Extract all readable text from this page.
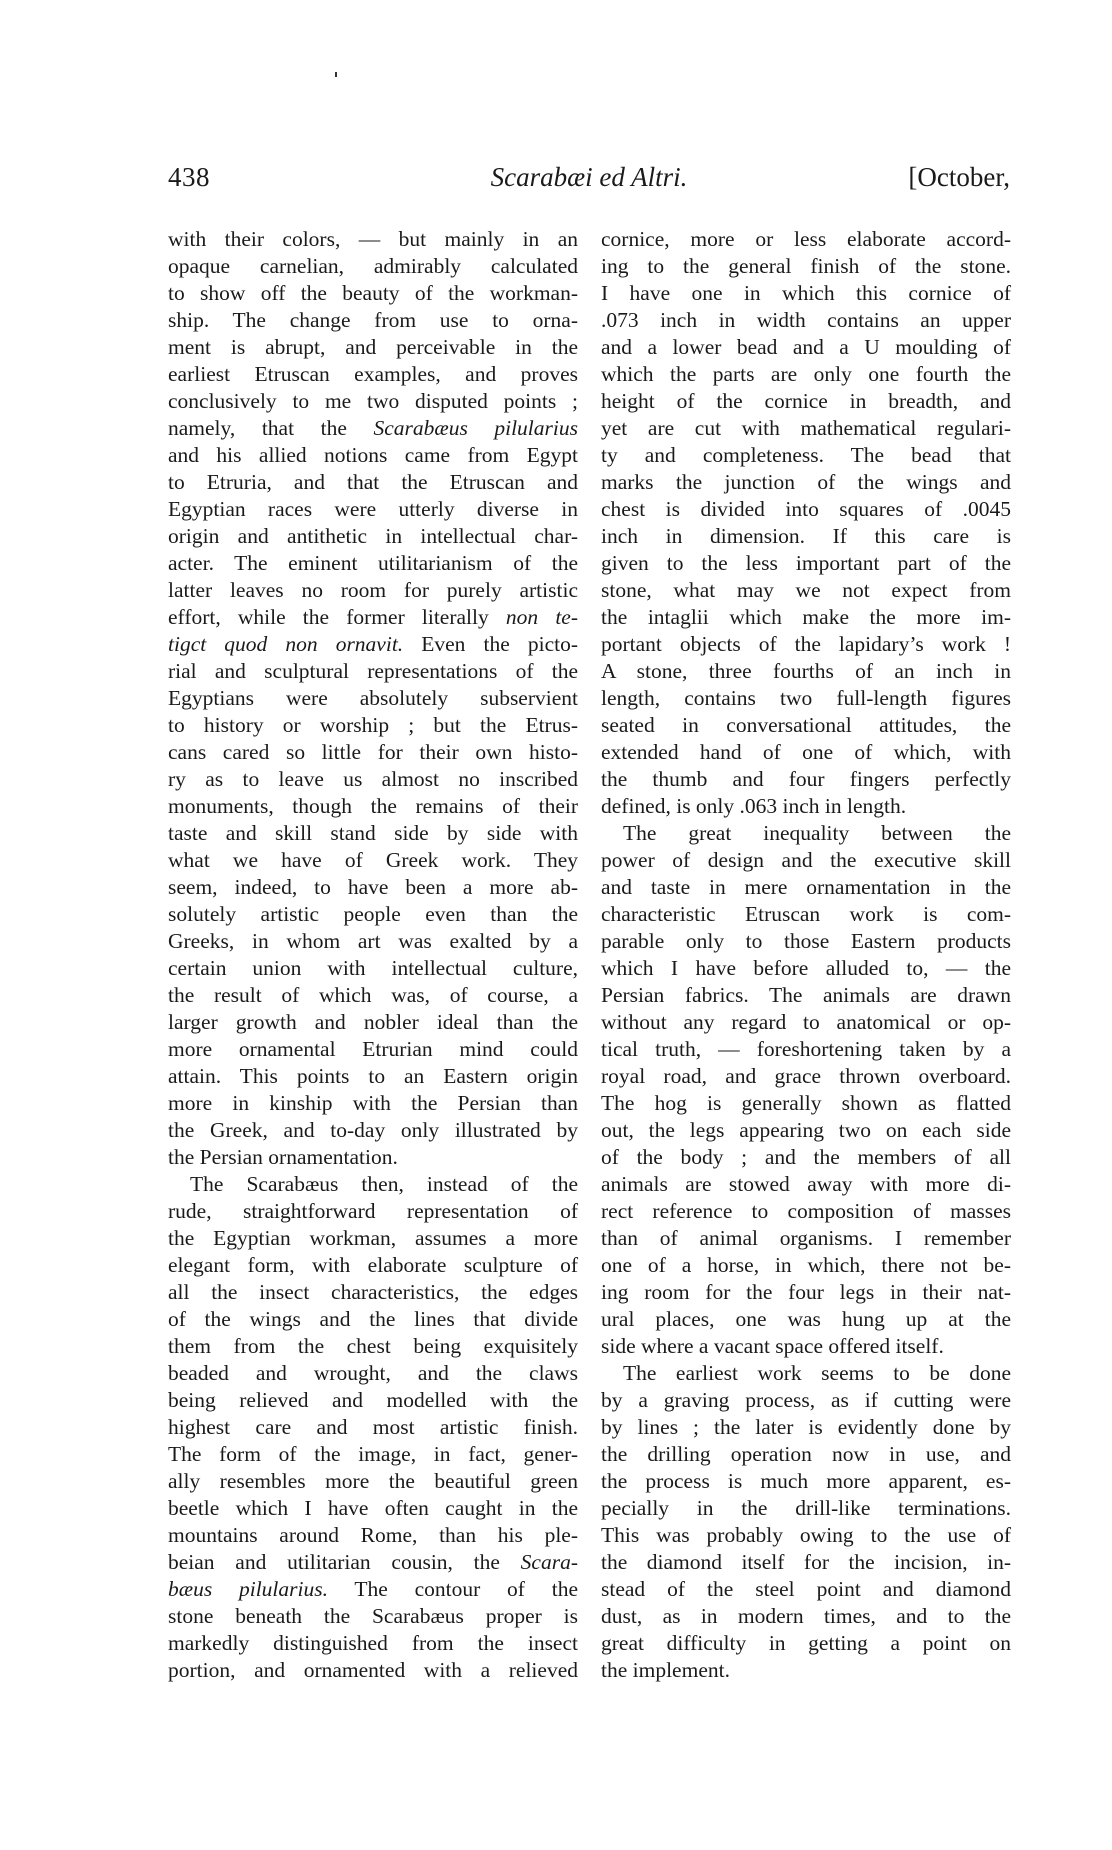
438	Scarabæi ed Altri.	[October,
with their colors, — but mainly in an
opaque carnelian, admirably calculated
to show off the beauty of the workman-
ship. The change from use to orna-
ment is abrupt, and perceivable in the
earliest Etruscan examples, and proves
conclusively to me two disputed points ;
namely, that the Scarabæus pilularius
and his allied notions came from Egypt
to Etruria, and that the Etruscan and
Egyptian races were utterly diverse in
origin and antithetic in intellectual char-
acter. The eminent utilitarianism of the
latter leaves no room for purely artistic
effort, while the former literally non te-
tigct quod non ornavit. Even the picto-
rial and sculptural representations of the
Egyptians were absolutely subservient
to history or worship ; but the Etrus-
cans cared so little for their own histo-
ry as to leave us almost no inscribed
monuments, though the remains of their
taste and skill stand side by side with
what we have of Greek work. They
seem, indeed, to have been a more ab-
solutely artistic people even than the
Greeks, in whom art was exalted by a
certain union with intellectual culture,
the result of which was, of course, a
larger growth and nobler ideal than the
more ornamental Etrurian mind could
attain. This points to an Eastern origin
more in kinship with the Persian than
the Greek, and to-day only illustrated by
the Persian ornamentation.
The Scarabæus then, instead of the
rude, straightforward representation of
the Egyptian workman, assumes a more
elegant form, with elaborate sculpture of
all the insect characteristics, the edges
of the wings and the lines that divide
them from the chest being exquisitely
beaded and wrought, and the claws
being relieved and modelled with the
highest care and most artistic finish.
The form of the image, in fact, gener-
ally resembles more the beautiful green
beetle which I have often caught in the
mountains around Rome, than his ple-
beian and utilitarian cousin, the Scara-
bæus pilularius. The contour of the
stone beneath the Scarabæus proper is
markedly distinguished from the insect
portion, and ornamented with a relieved
cornice, more or less elaborate accord-
ing to the general finish of the stone.
I have one in which this cornice of
.073 inch in width contains an upper
and a lower bead and a U moulding of
which the parts are only one fourth the
height of the cornice in breadth, and
yet are cut with mathematical regulari-
ty and completeness. The bead that
marks the junction of the wings and
chest is divided into squares of .0045
inch in dimension. If this care is
given to the less important part of the
stone, what may we not expect from
the intaglii which make the more im-
portant objects of the lapidary’s work !
A stone, three fourths of an inch in
length, contains two full-length figures
seated in conversational attitudes, the
extended hand of one of which, with
the thumb and four fingers perfectly
defined, is only .063 inch in length.
The great inequality between the
power of design and the executive skill
and taste in mere ornamentation in the
characteristic Etruscan work is com-
parable only to those Eastern products
which I have before alluded to, — the
Persian fabrics. The animals are drawn
without any regard to anatomical or op-
tical truth, — foreshortening taken by a
royal road, and grace thrown overboard.
The hog is generally shown as flatted
out, the legs appearing two on each side
of the body ; and the members of all
animals are stowed away with more di-
rect reference to composition of masses
than of animal organisms. I remember
one of a horse, in which, there not be-
ing room for the four legs in their nat-
ural places, one was hung up at the
side where a vacant space offered itself.
The earliest work seems to be done
by a graving process, as if cutting were
by lines ; the later is evidently done by
the drilling operation now in use, and
the process is much more apparent, es-
pecially in the drill-like terminations.
This was probably owing to the use of
the diamond itself for the incision, in-
stead of the steel point and diamond
dust, as in modern times, and to the
great difficulty in getting a point on
the implement.
